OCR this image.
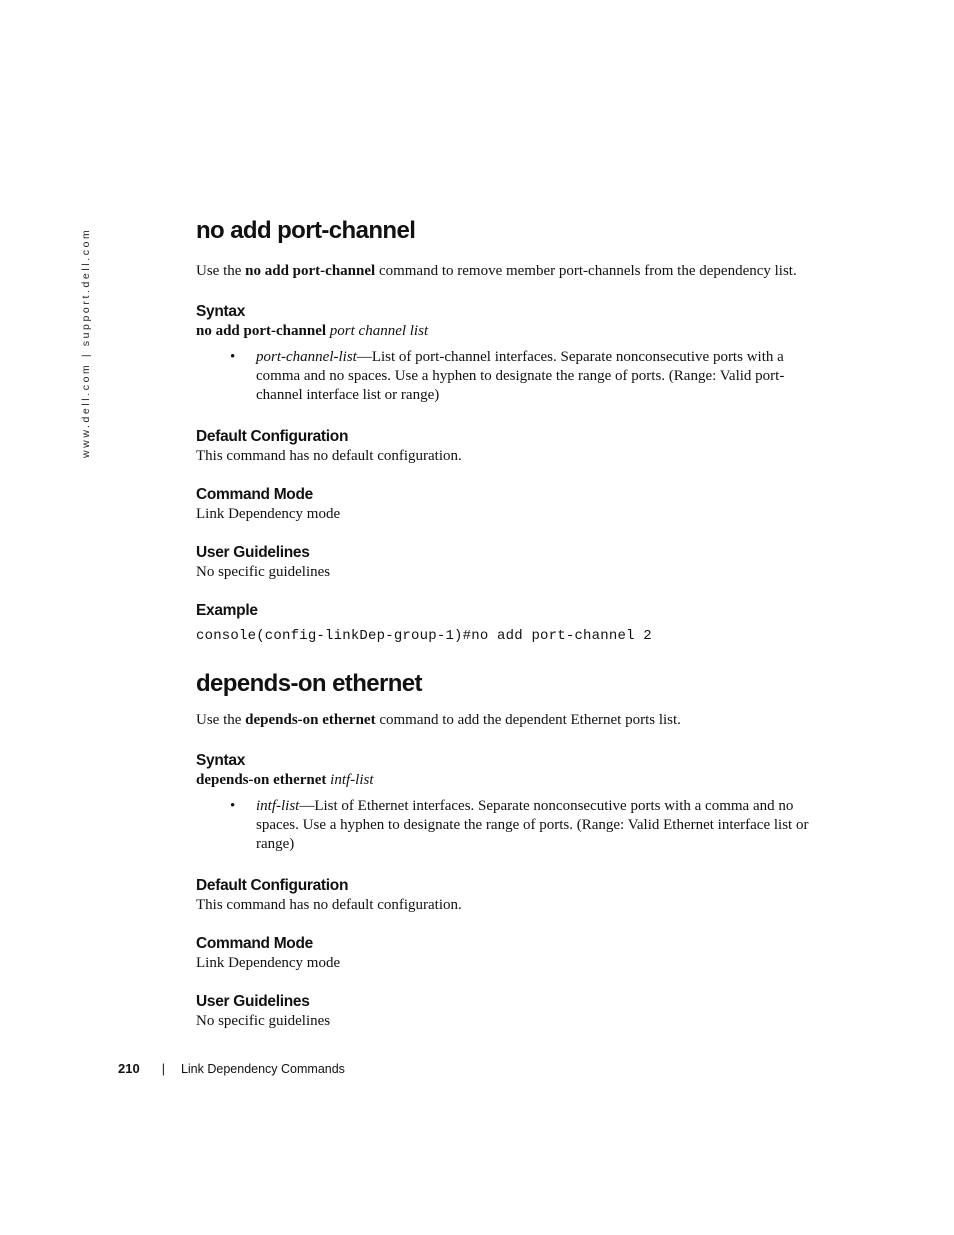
www.dell.com | support.dell.com	no add port-channel

Use the no add port-channel command to remove member port-channels from the dependency list.

Syntax

no add port-channel port channel list

• port-channel-list—List of port-channel interfaces. Separate nonconsecutive ports with a comma and no spaces. Use a hyphen to designate the range of ports. (Range: Valid port-channel interface list or range)

Default Configuration

This command has no default configuration.

Command Mode

Link Dependency mode

User Guidelines

No specific guidelines

Example

console(config-linkDep-group-1)#no add port-channel 2

depends-on ethernet

Use the depends-on ethernet command to add the dependent Ethernet ports list.

Syntax

depends-on ethernet intf-list

• intf-list—List of Ethernet interfaces. Separate nonconsecutive ports with a comma and no spaces. Use a hyphen to designate the range of ports. (Range: Valid Ethernet interface list or range)

Default Configuration

This command has no default configuration.

Command Mode

Link Dependency mode

User Guidelines

No specific guidelines

210 | Link Dependency Commands
